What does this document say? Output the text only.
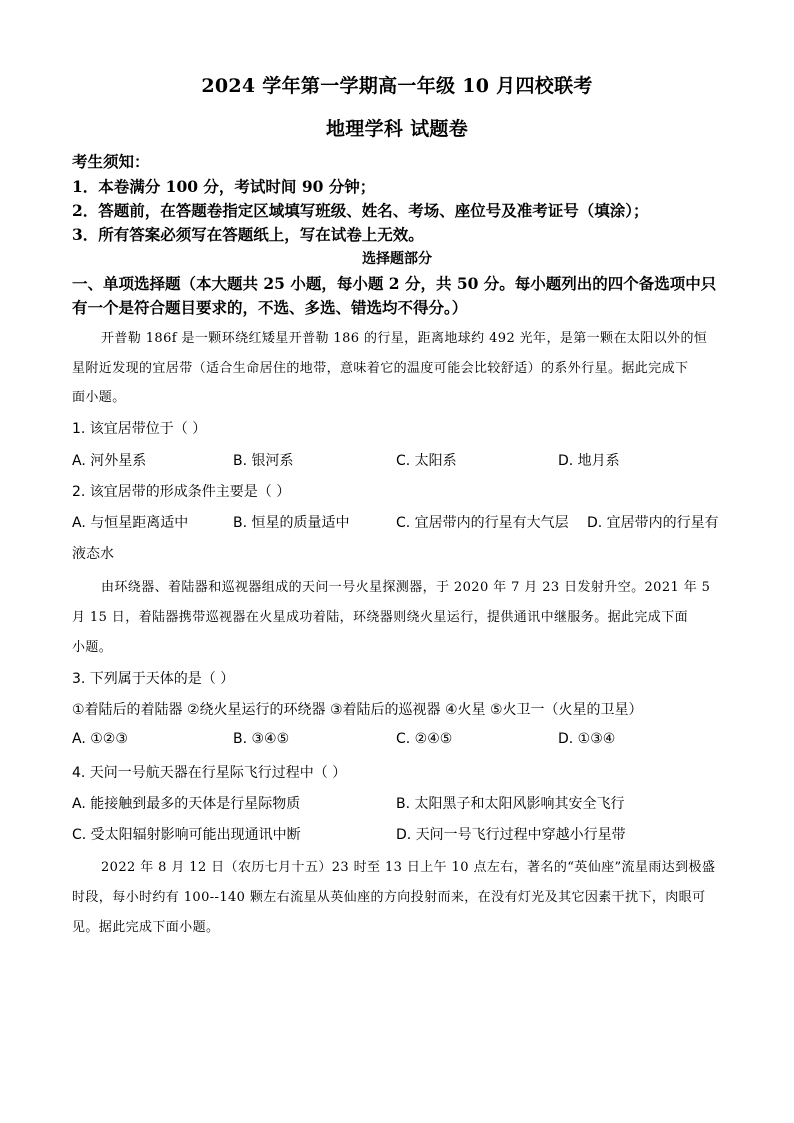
2024 学年第一学期高一年级 10 月四校联考
地理学科 试题卷
考生须知：
1．本卷满分 100 分，考试时间 90 分钟；
2．答题前，在答题卷指定区域填写班级、姓名、考场、座位号及准考证号（填涂）；
3．所有答案必须写在答题纸上，写在试卷上无效。
选择题部分
一、单项选择题（本大题共 25 小题，每小题 2 分，共 50 分。每小题列出的四个备选项中只
有一个是符合题目要求的，不选、多选、错选均不得分。）
开普勒 186f 是一颗环绕红矮星开普勒 186 的行星，距离地球约 492 光年，是第一颗在太阳以外的恒
星附近发现的宜居带（适合生命居住的地带，意味着它的温度可能会比较舒适）的系外行星。据此完成下
面小题。
1. 该宜居带位于（ ）
A. 河外星系	B. 银河系	C. 太阳系	D. 地月系
2. 该宜居带的形成条件主要是（ ）
A. 与恒星距离适中	B. 恒星的质量适中	C. 宜居带内的行星有大气层 D. 宜居带内的行星有
液态水
由环绕器、着陆器和巡视器组成的天问一号火星探测器，于 2020 年 7 月 23 日发射升空。2021 年 5
月 15 日，着陆器携带巡视器在火星成功着陆，环绕器则绕火星运行，提供通讯中继服务。据此完成下面
小题。
3. 下列属于天体的是（ ）
①着陆后的着陆器 ②绕火星运行的环绕器 ③着陆后的巡视器 ④火星 ⑤火卫一（火星的卫星）
A. ①②③	B. ③④⑤	C. ②④⑤	D. ①③④
4. 天问一号航天器在行星际飞行过程中（ ）
A. 能接触到最多的天体是行星际物质	B. 太阳黑子和太阳风影响其安全飞行
C. 受太阳辐射影响可能出现通讯中断	D. 天问一号飞行过程中穿越小行星带
2022 年 8 月 12 日（农历七月十五）23 时至 13 日上午 10 点左右，著名的“英仙座”流星雨达到极盛
时段，每小时约有 100--140 颗左右流星从英仙座的方向投射而来，在没有灯光及其它因素干扰下，肉眼可
见。据此完成下面小题。
